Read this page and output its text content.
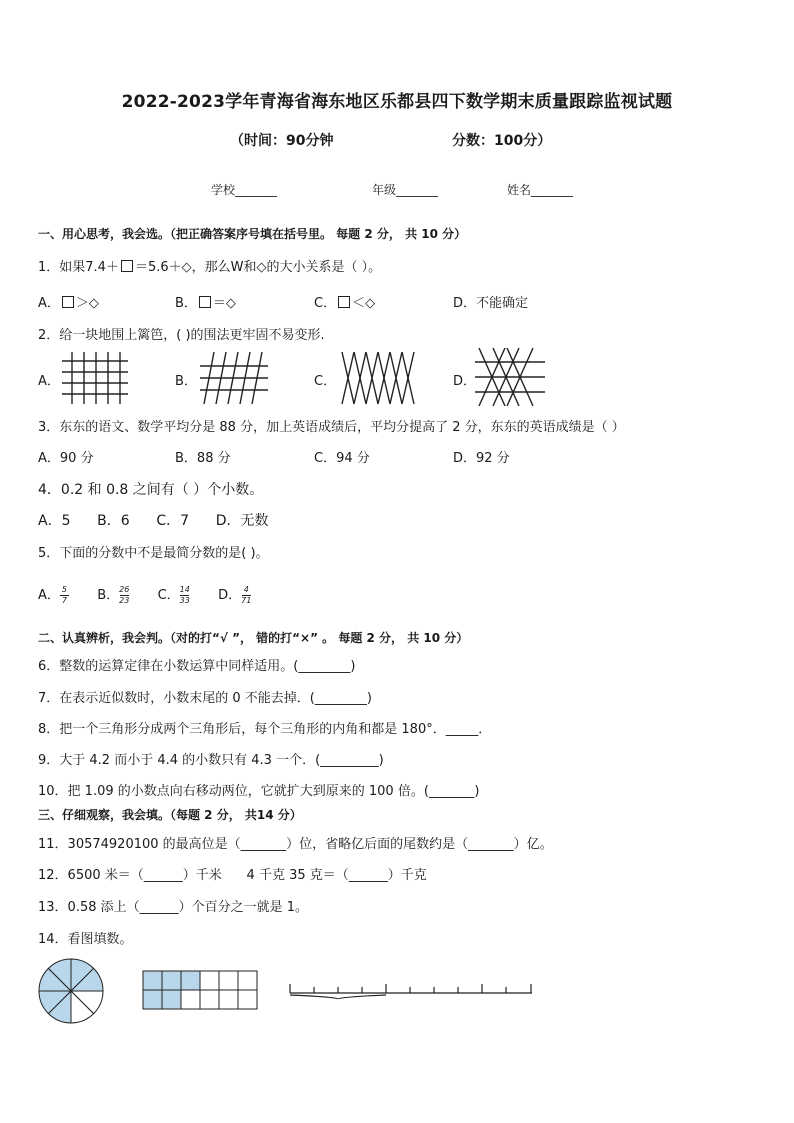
2022-2023学年青海省海东地区乐都县四下数学期末质量跟踪监视试题
（时间：90分钟	分数：100分）
学校_______	年级_______	姓名_______
一、用心思考，我会选。（把正确答案序号填在括号里。 每题 2 分， 共 10 分）
1．如果7.4＋ ＝5.6＋◇，那么W和◇的大小关系是（ ）。
A． ＞◇	B． ＝◇	C． ＜◇	D．不能确定
2．给一块地围上篱笆，( )的围法更牢固不易变形.
A．	B．	C．	D．
3．东东的语文、数学平均分是 88 分，加上英语成绩后，平均分提高了 2 分，东东的英语成绩是（ ）
A．90 分	B．88 分	C．94 分	D．92 分
4．0.2 和 0.8 之间有（ ）个小数。
A．5      B．6      C．7      D．无数
5．下面的分数中不是最简分数的是( )。
A． $\frac{5}{7}$ B． $\frac{26}{23}$ C． $\frac{14}{33}$ D． $\frac{4}{71}$
二、认真辨析，我会判。（对的打“√ ”， 错的打“×” 。 每题 2 分， 共 10 分）
6．整数的运算定律在小数运算中同样适用。(________)
7．在表示近似数时，小数末尾的 0 不能去掉．(________)
8．把一个三角形分成两个三角形后，每个三角形的内角和都是 180°．_____．
9．大于 4.2 而小于 4.4 的小数只有 4.3 一个．(_________)
10．把 1.09 的小数点向右移动两位，它就扩大到原来的 100 倍。(_______)
三、仔细观察，我会填。（每题 2 分， 共14 分）
11．30574920100 的最高位是（_______）位，省略亿后面的尾数约是（_______）亿。
12．6500 米＝（______）千米      4 千克 35 克＝（______）千克
13．0.58 添上（______）个百分之一就是 1。
14．看图填数。
